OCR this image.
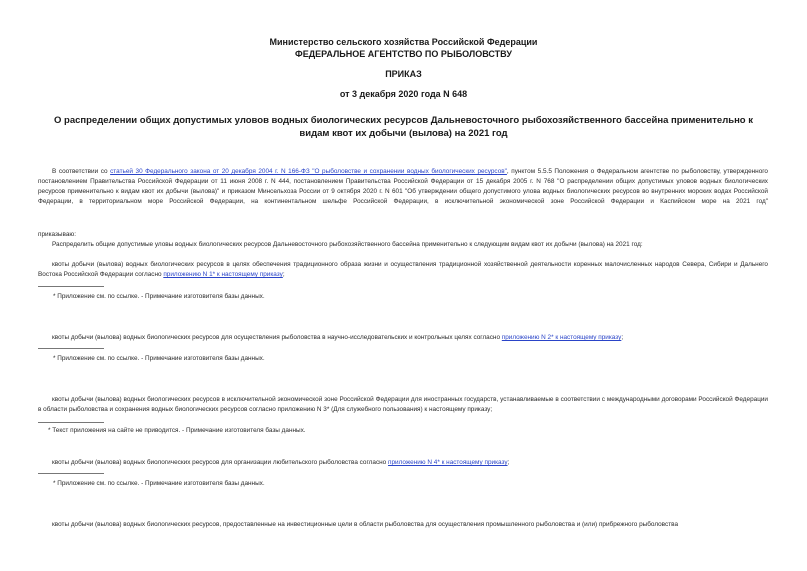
Министерство сельского хозяйства Российской Федерации
ФЕДЕРАЛЬНОЕ АГЕНТСТВО ПО РЫБОЛОВСТВУ
ПРИКАЗ
от 3 декабря 2020 года N 648
О распределении общих допустимых уловов водных биологических ресурсов Дальневосточного рыбохозяйственного бассейна применительно к видам квот их добычи (вылова) на 2021 год
В соответствии со статьей 30 Федерального закона от 20 декабря 2004 г. N 166-ФЗ "О рыболовстве и сохранении водных биологических ресурсов", пунктом 5.5.5 Положения о Федеральном агентстве по рыболовству, утвержденного постановлением Правительства Российской Федерации от 11 июня 2008 г. N 444, постановлением Правительства Российской Федерации от 15 декабря 2005 г. N 768 "О распределении общих допустимых уловов водных биологических ресурсов применительно к видам квот их добычи (вылова)" и приказом Минсельхоза России от 9 октября 2020 г. N 601 "Об утверждении общего допустимого улова водных биологических ресурсов во внутренних морских водах Российской Федерации, в территориальном море Российской Федерации, на континентальном шельфе Российской Федерации, в исключительной экономической зоне Российской Федерации и Каспийском море на 2021 год"
приказываю:
Распределить общие допустимые уловы водных биологических ресурсов Дальневосточного рыбохозяйственного бассейна применительно к следующим видам квот их добычи (вылова) на 2021 год:
квоты добычи (вылова) водных биологических ресурсов в целях обеспечения традиционного образа жизни и осуществления традиционной хозяйственной деятельности коренных малочисленных народов Севера, Сибири и Дальнего Востока Российской Федерации согласно приложению N 1* к настоящему приказу;
* Приложение см. по ссылке. - Примечание изготовителя базы данных.
квоты добычи (вылова) водных биологических ресурсов для осуществления рыболовства в научно-исследовательских и контрольных целях согласно приложению N 2* к настоящему приказу;
* Приложение см. по ссылке. - Примечание изготовителя базы данных.
квоты добычи (вылова) водных биологических ресурсов в исключительной экономической зоне Российской Федерации для иностранных государств, устанавливаемые в соответствии с международными договорами Российской Федерации в области рыболовства и сохранения водных биологических ресурсов согласно приложению N 3* (Для служебного пользования) к настоящему приказу;
* Текст приложения на сайте не приводится. - Примечание изготовителя базы данных.
квоты добычи (вылова) водных биологических ресурсов для организации любительского рыболовства согласно приложению N 4* к настоящему приказу;
* Приложение см. по ссылке. - Примечание изготовителя базы данных.
квоты добычи (вылова) водных биологических ресурсов, предоставленные на инвестиционные цели в области рыболовства для осуществления промышленного рыболовства и (или) прибрежного рыболовства
